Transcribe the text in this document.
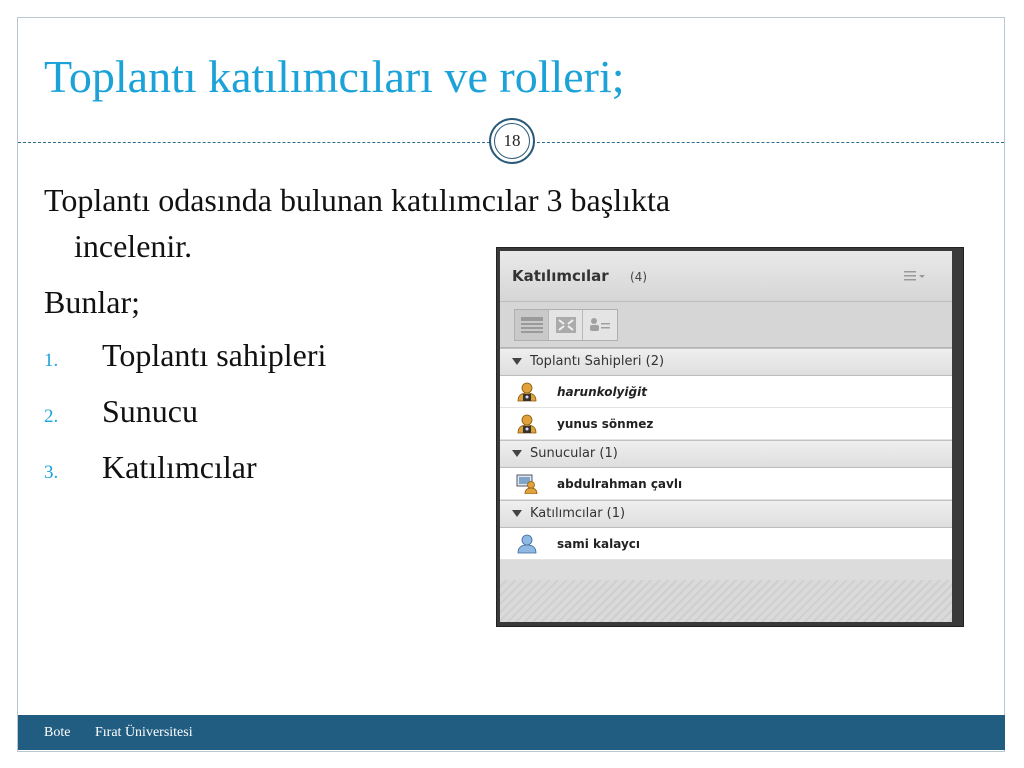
Toplantı katılımcıları ve rolleri;
18
Toplantı odasında bulunan katılımcılar 3 başlıkta
incelenir.
Bunlar;
1. Toplantı sahipleri
2. Sunucu
3. Katılımcılar
Katılımcılar (4)
Toplantı Sahipleri (2)
harunkolyiğit
yunus sönmez
Sunucular (1)
abdulrahman çavlı
Katılımcılar (1)
sami kalaycı
Bote Fırat Üniversitesi
